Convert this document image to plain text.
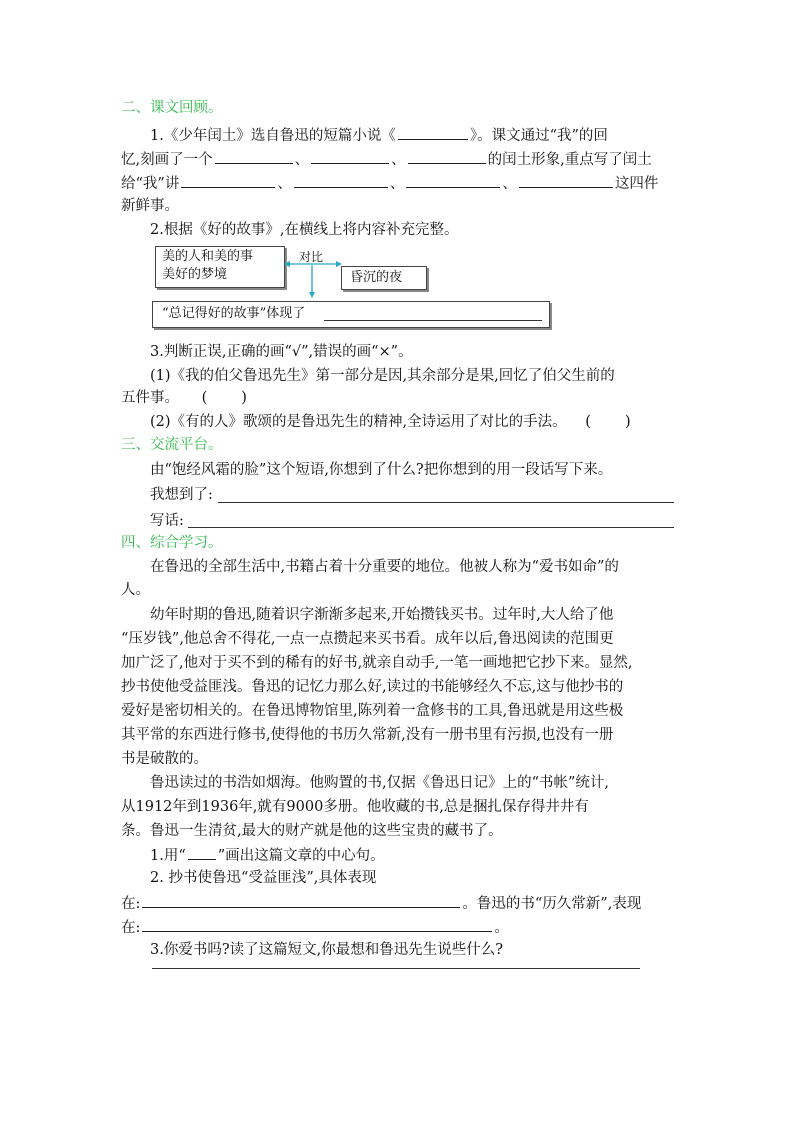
二、课文回顾。
1.《少年闰土》选自鲁迅的短篇小说《	》。课文通过“我”的回
忆,刻画了一个	、	、	的闰土形象,重点写了闰土
给“我”讲	、	、	、	这四件
新鲜事。
2.根据《好的故事》,在横线上将内容补充完整。
美的人和美的事
美好的梦境
对比
昏沉的夜
“总记得好的故事”体现了
3.判断正误,正确的画“√”,错误的画“×”。
(1)《我的伯父鲁迅先生》第一部分是因,其余部分是果,回忆了伯父生前的
五件事。 ( )
(2)《有的人》歌颂的是鲁迅先生的精神,全诗运用了对比的手法。 ( )
三、交流平台。
由“饱经风霜的脸”这个短语,你想到了什么?把你想到的用一段话写下来。
我想到了:
写话:
四、综合学习。
在鲁迅的全部生活中,书籍占着十分重要的地位。他被人称为“爱书如命”的
人。
幼年时期的鲁迅,随着识字渐渐多起来,开始攒钱买书。过年时,大人给了他
“压岁钱”,他总舍不得花,一点一点攒起来买书看。成年以后,鲁迅阅读的范围更
加广泛了,他对于买不到的稀有的好书,就亲自动手,一笔一画地把它抄下来。显然,
抄书使他受益匪浅。鲁迅的记忆力那么好,读过的书能够经久不忘,这与他抄书的
爱好是密切相关的。在鲁迅博物馆里,陈列着一盒修书的工具,鲁迅就是用这些极
其平常的东西进行修书,使得他的书历久常新,没有一册书里有污损,也没有一册
书是破散的。
鲁迅读过的书浩如烟海。他购置的书,仅据《鲁迅日记》上的“书帐”统计,
从1912年到1936年,就有9000多册。他收藏的书,总是捆扎保存得井井有
条。鲁迅一生清贫,最大的财产就是他的这些宝贵的藏书了。
1.用“ ”画出这篇文章的中心句。
2. 抄书使鲁迅“受益匪浅”,具体表现
在:	。鲁迅的书“历久常新”,表现
在:	。
3.你爱书吗?读了这篇短文,你最想和鲁迅先生说些什么?
